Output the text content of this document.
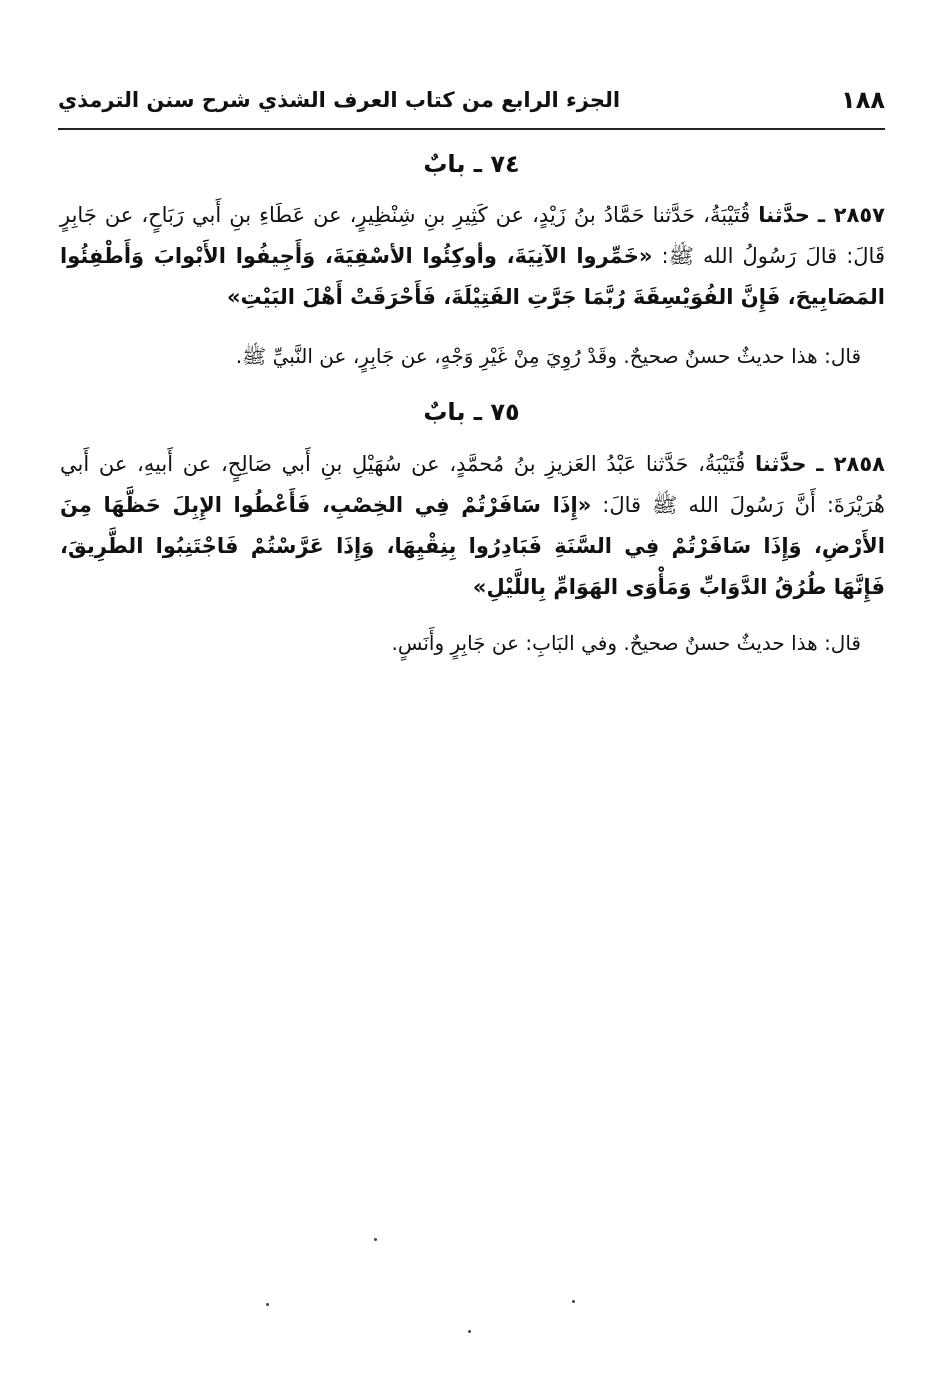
١٨٨
الجزء الرابع من كتاب العرف الشذي شرح سنن الترمذي
٧٤ ـ بابٌ
٢٨٥٧ ـ حدَّثنا قُتَيْبَةُ، حَدَّثنا حَمَّادُ بنُ زَيْدٍ، عن كَثِيرِ بنِ شِنْظِيرٍ، عن عَطَاءِ بنِ أَبي رَبَاحٍ، عن جَابِرٍ قَالَ: قالَ رَسُولُ الله ﷺ: «خَمِّروا الآنِيَةَ، وأوكِئُوا الأسْقِيَةَ، وَأَجِيفُوا الأَبْوابَ وَأَطْفِئُوا المَصَابِيحَ، فَإِنَّ الفُوَيْسِقَةَ رُبَّمَا جَرَّتِ الفَتِيْلَةَ، فَأَحْرَقَتْ أَهْلَ البَيْتِ»
قال: هذا حديثٌ حسنٌ صحيحٌ. وقَدْ رُوِيَ مِنْ غَيْرِ وَجْهٍ، عن جَابِرٍ، عن النَّبيِّ ﷺ.
٧٥ ـ بابٌ
٢٨٥٨ ـ حدَّثنا قُتَيْبَةُ، حَدَّثنا عَبْدُ العَزيزِ بنُ مُحمَّدٍ، عن سُهَيْلِ بنِ أَبي صَالِحٍ، عن أَبيهِ، عن أَبي هُرَيْرَةَ: أَنَّ رَسُولَ الله ﷺ قالَ: «إِذَا سَافَرْتُمْ فِي الخِصْبِ، فَأَعْطُوا الإِبِلَ حَظَّهَا مِنَ الأَرْضِ، وَإِذَا سَافَرْتُمْ فِي السَّنَةِ فَبَادِرُوا بِنِقْيِهَا، وَإِذَا عَرَّسْتُمْ فَاجْتَنِبُوا الطَّرِيقَ، فَإِنَّهَا طُرُقُ الدَّوَابِّ وَمَأْوَى الهَوَامِّ بِاللَّيْلِ»
قال: هذا حديثٌ حسنٌ صحيحٌ. وفي البَابِ: عن جَابِرٍ وأَنَسٍ.
